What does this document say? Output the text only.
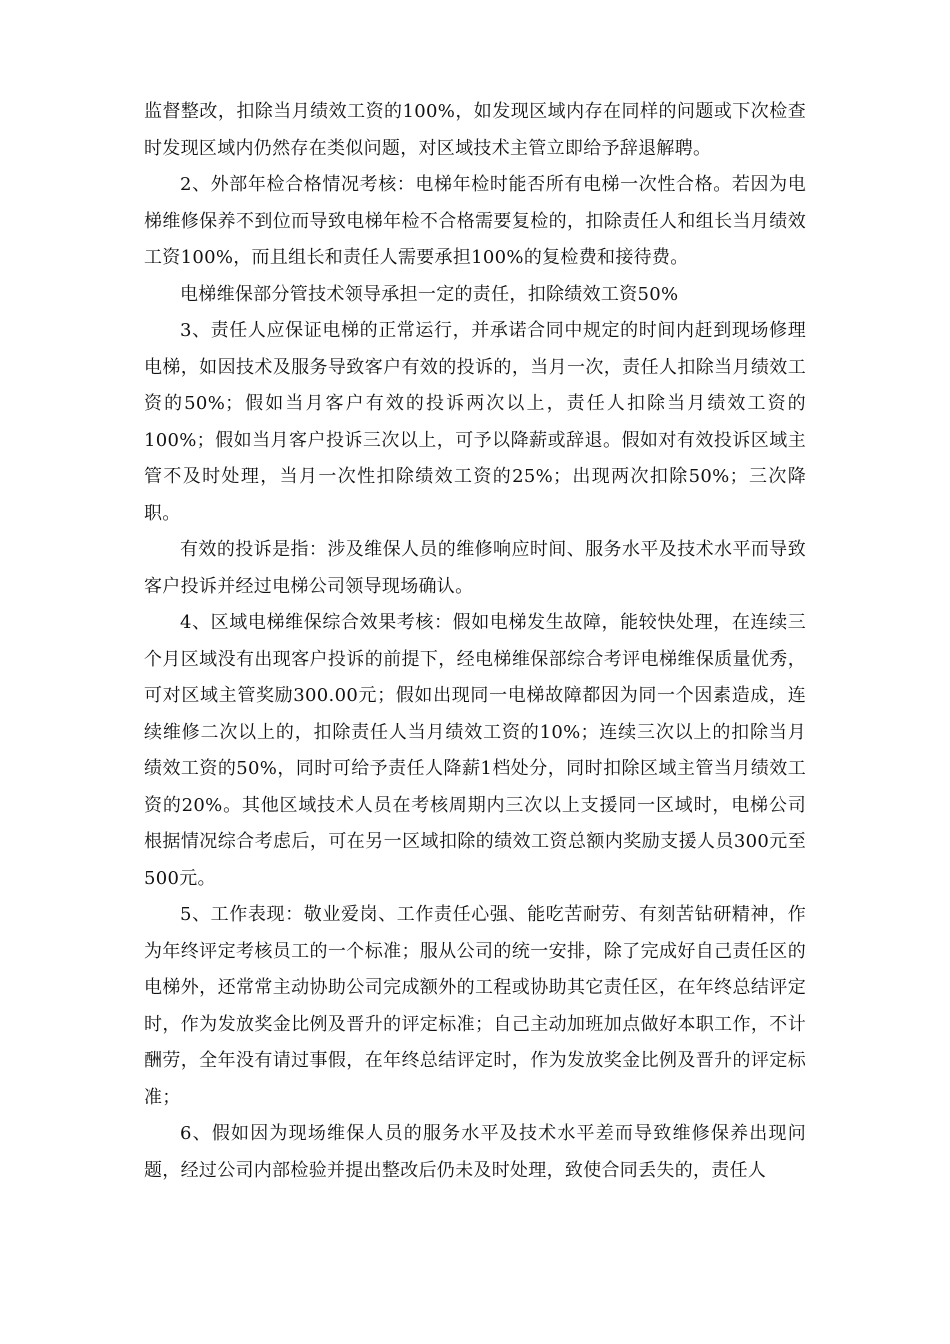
监督整改，扣除当月绩效工资的100%，如发现区域内存在同样的问题或下次检查时发现区域内仍然存在类似问题，对区域技术主管立即给予辞退解聘。

2、外部年检合格情况考核：电梯年检时能否所有电梯一次性合格。若因为电梯维修保养不到位而导致电梯年检不合格需要复检的，扣除责任人和组长当月绩效工资100%，而且组长和责任人需要承担100%的复检费和接待费。

电梯维保部分管技术领导承担一定的责任，扣除绩效工资50%

3、责任人应保证电梯的正常运行，并承诺合同中规定的时间内赶到现场修理电梯，如因技术及服务导致客户有效的投诉的，当月一次，责任人扣除当月绩效工资的50%；假如当月客户有效的投诉两次以上，责任人扣除当月绩效工资的100%；假如当月客户投诉三次以上，可予以降薪或辞退。假如对有效投诉区域主管不及时处理，当月一次性扣除绩效工资的25%；出现两次扣除50%；三次降职。

有效的投诉是指：涉及维保人员的维修响应时间、服务水平及技术水平而导致客户投诉并经过电梯公司领导现场确认。

4、区域电梯维保综合效果考核：假如电梯发生故障，能较快处理，在连续三个月区域没有出现客户投诉的前提下，经电梯维保部综合考评电梯维保质量优秀，可对区域主管奖励300.00元；假如出现同一电梯故障都因为同一个因素造成，连续维修二次以上的，扣除责任人当月绩效工资的10%；连续三次以上的扣除当月绩效工资的50%，同时可给予责任人降薪1档处分，同时扣除区域主管当月绩效工资的20%。其他区域技术人员在考核周期内三次以上支援同一区域时，电梯公司根据情况综合考虑后，可在另一区域扣除的绩效工资总额内奖励支援人员300元至500元。

5、工作表现：敬业爱岗、工作责任心强、能吃苦耐劳、有刻苦钻研精神，作为年终评定考核员工的一个标准；服从公司的统一安排，除了完成好自己责任区的电梯外，还常常主动协助公司完成额外的工程或协助其它责任区，在年终总结评定时，作为发放奖金比例及晋升的评定标准；自己主动加班加点做好本职工作，不计酬劳，全年没有请过事假，在年终总结评定时，作为发放奖金比例及晋升的评定标准；

6、假如因为现场维保人员的服务水平及技术水平差而导致维修保养出现问题，经过公司内部检验并提出整改后仍未及时处理，致使合同丢失的，责任人
